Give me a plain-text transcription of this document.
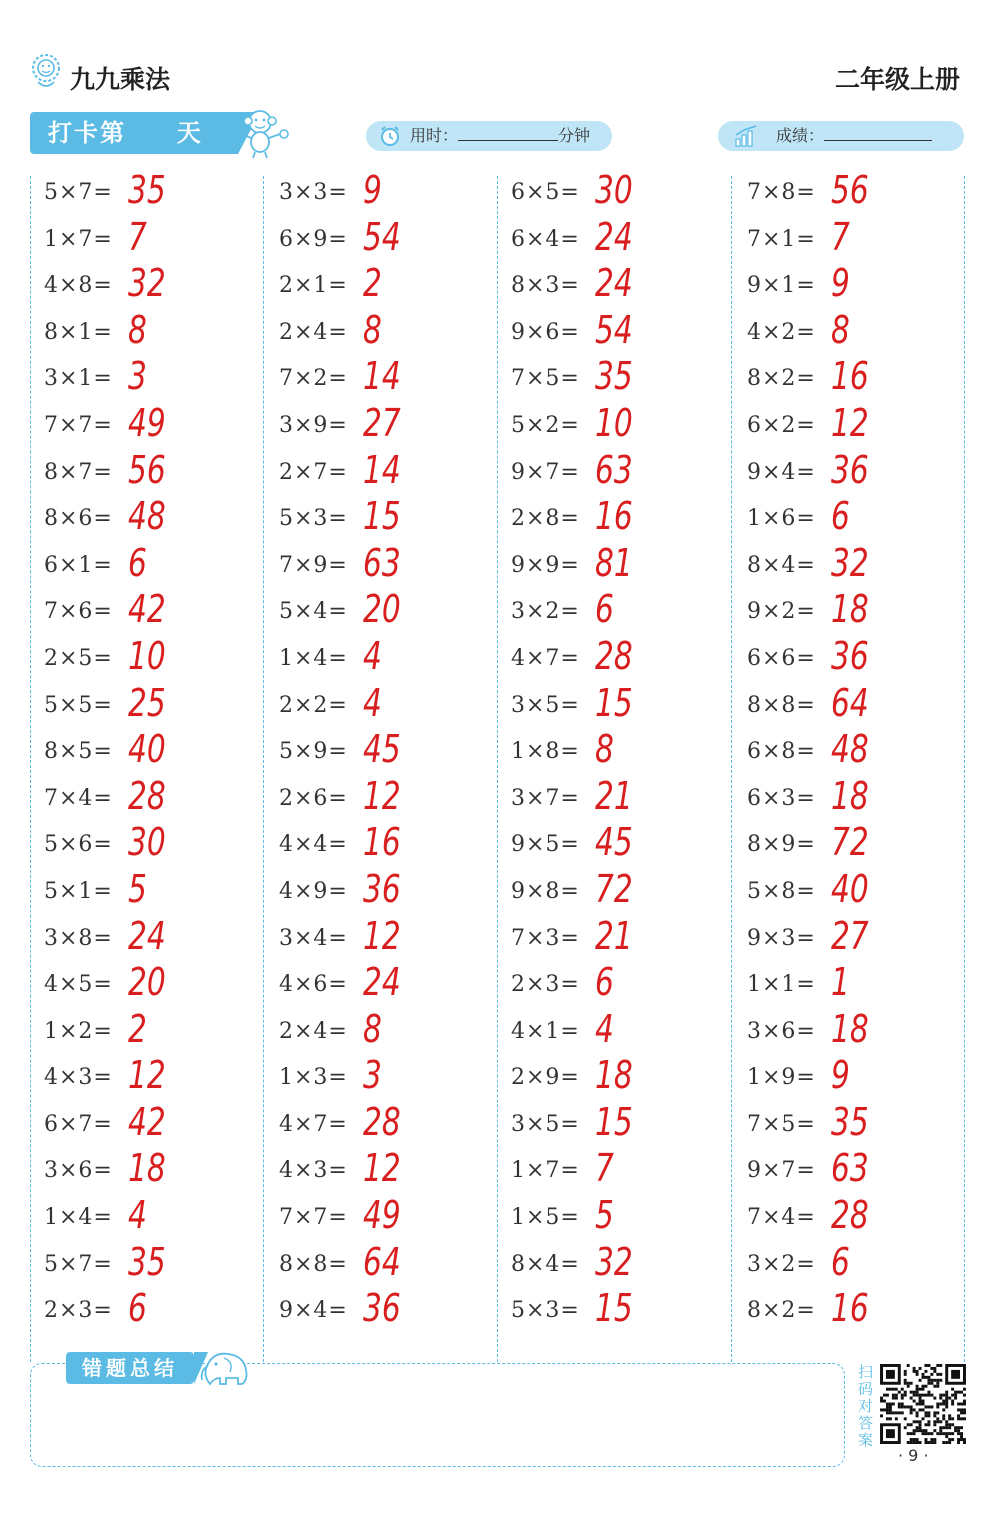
九九乘法	二年级上册
打卡第 天	用时：	分钟	成绩：
5×7= 35
1×7= 7
4×8= 32
8×1= 8
3×1= 3
7×7= 49
8×7= 56
8×6= 48
6×1= 6
7×6= 42
2×5= 10
5×5= 25
8×5= 40
7×4= 28
5×6= 30
5×1= 5
3×8= 24
4×5= 20
1×2= 2
4×3= 12
6×7= 42
3×6= 18
1×4= 4
5×7= 35
2×3= 6
3×3= 9
6×9= 54
2×1= 2
2×4= 8
7×2= 14
3×9= 27
2×7= 14
5×3= 15
7×9= 63
5×4= 20
1×4= 4
2×2= 4
5×9= 45
2×6= 12
4×4= 16
4×9= 36
3×4= 12
4×6= 24
2×4= 8
1×3= 3
4×7= 28
4×3= 12
7×7= 49
8×8= 64
9×4= 36
6×5= 30
6×4= 24
8×3= 24
9×6= 54
7×5= 35
5×2= 10
9×7= 63
2×8= 16
9×9= 81
3×2= 6
4×7= 28
3×5= 15
1×8= 8
3×7= 21
9×5= 45
9×8= 72
7×3= 21
2×3= 6
4×1= 4
2×9= 18
3×5= 15
1×7= 7
1×5= 5
8×4= 32
5×3= 15
7×8= 56
7×1= 7
9×1= 9
4×2= 8
8×2= 16
6×2= 12
9×4= 36
1×6= 6
8×4= 32
9×2= 18
6×6= 36
8×8= 64
6×8= 48
6×3= 18
8×9= 72
5×8= 40
9×3= 27
1×1= 1
3×6= 18
1×9= 9
7×5= 35
9×7= 63
7×4= 28
3×2= 6
8×2= 16
错题总结	扫码对答案
· 9 ·
